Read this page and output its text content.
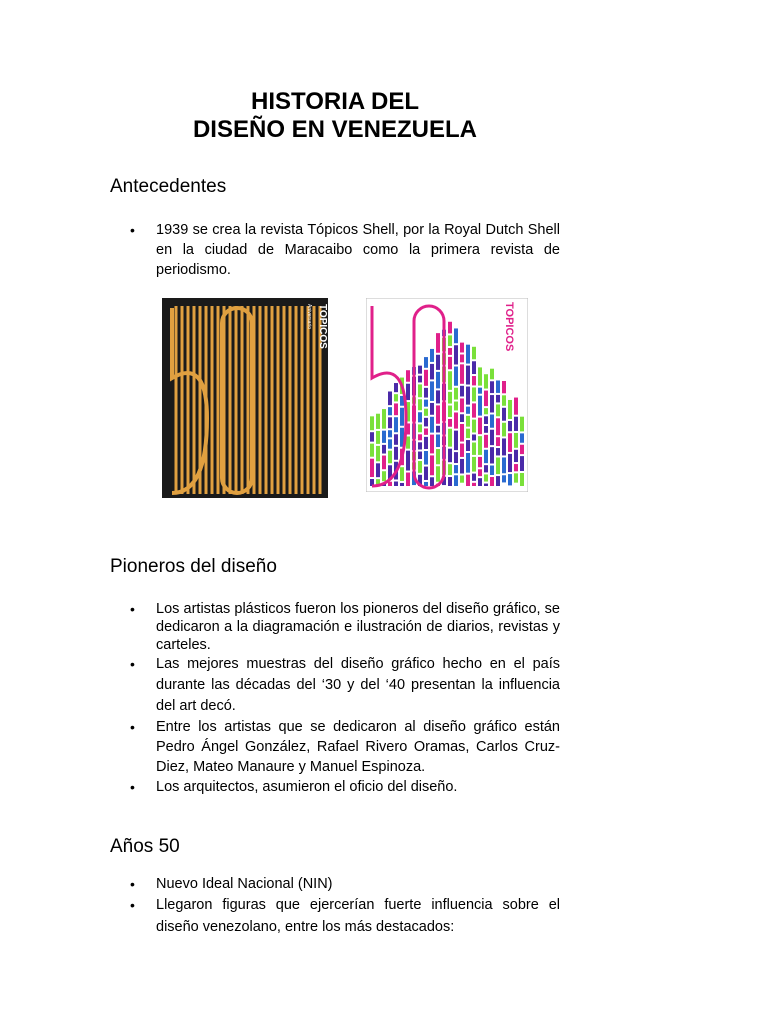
HISTORIA DEL
DISEÑO EN VENEZUELA
Antecedentes
• 1939 se crea la revista Tópicos Shell, por la Royal Dutch Shell en la ciudad de Maracaibo como la primera revista de periodismo.
TOPICOS
Aniversario	TOPICOS
Pioneros del diseño
• Los artistas plásticos fueron los pioneros del diseño gráfico, se dedicaron a la diagramación e ilustración de diarios, revistas y carteles.
• Las mejores muestras del diseño gráfico hecho en el país durante las décadas del ‘30 y del ‘40 presentan la influencia del art decó.
• Entre los artistas que se dedicaron al diseño gráfico están Pedro Ángel González, Rafael Rivero Oramas, Carlos Cruz-Diez, Mateo Manaure y Manuel Espinoza.
• Los arquitectos, asumieron el oficio del diseño.
Años 50
• Nuevo Ideal Nacional (NIN)
• Llegaron figuras que ejercerían fuerte influencia sobre el diseño venezolano, entre los más destacados:
